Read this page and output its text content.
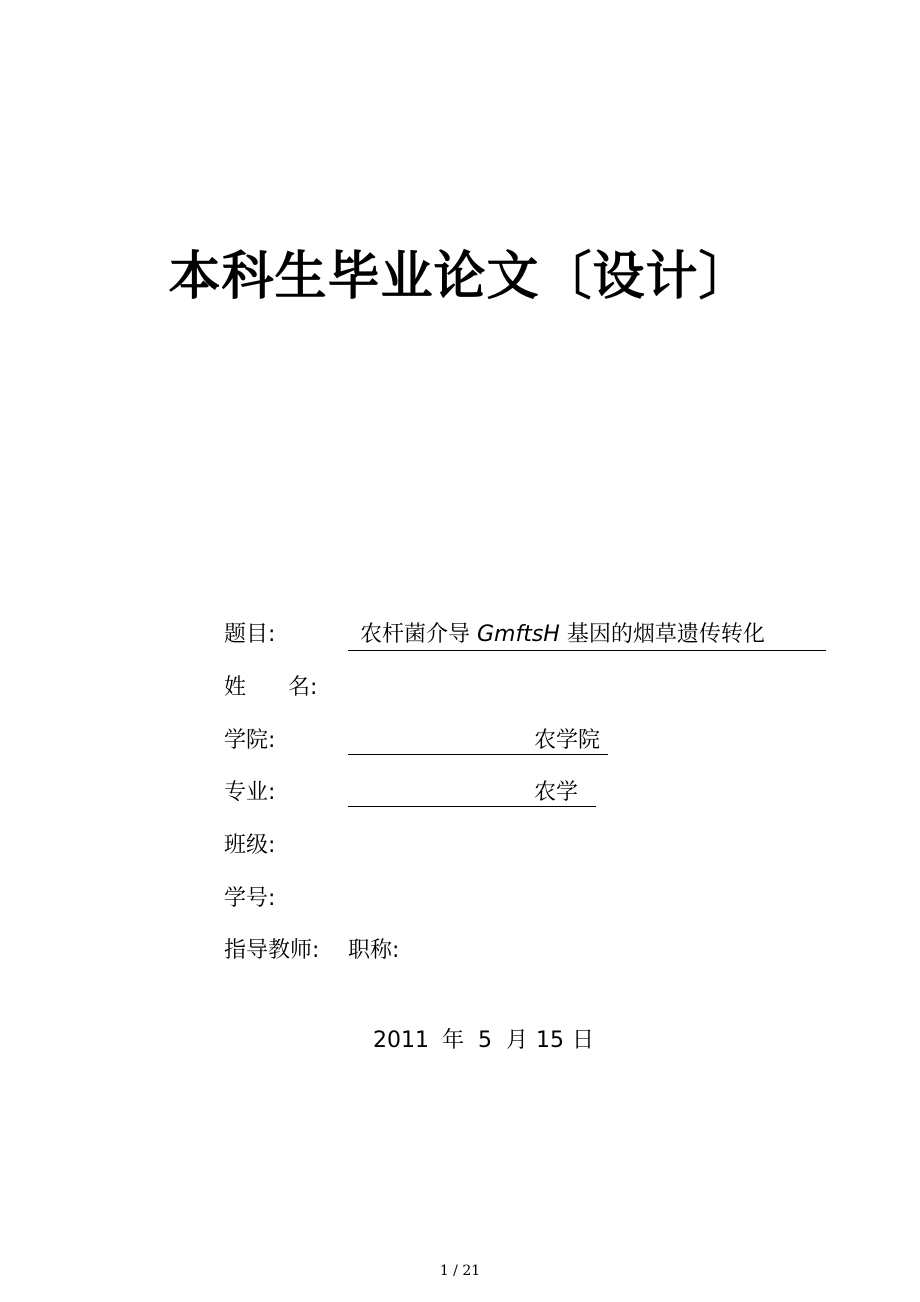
本科生毕业论文〔设计〕
题目:	农杆菌介导 GmftsH 基因的烟草遗传转化
姓      名:
学院:	农学院
专业:	农学
班级:
学号:
指导教师: 职称:
2011 年 5 月 15 日
1 / 21
